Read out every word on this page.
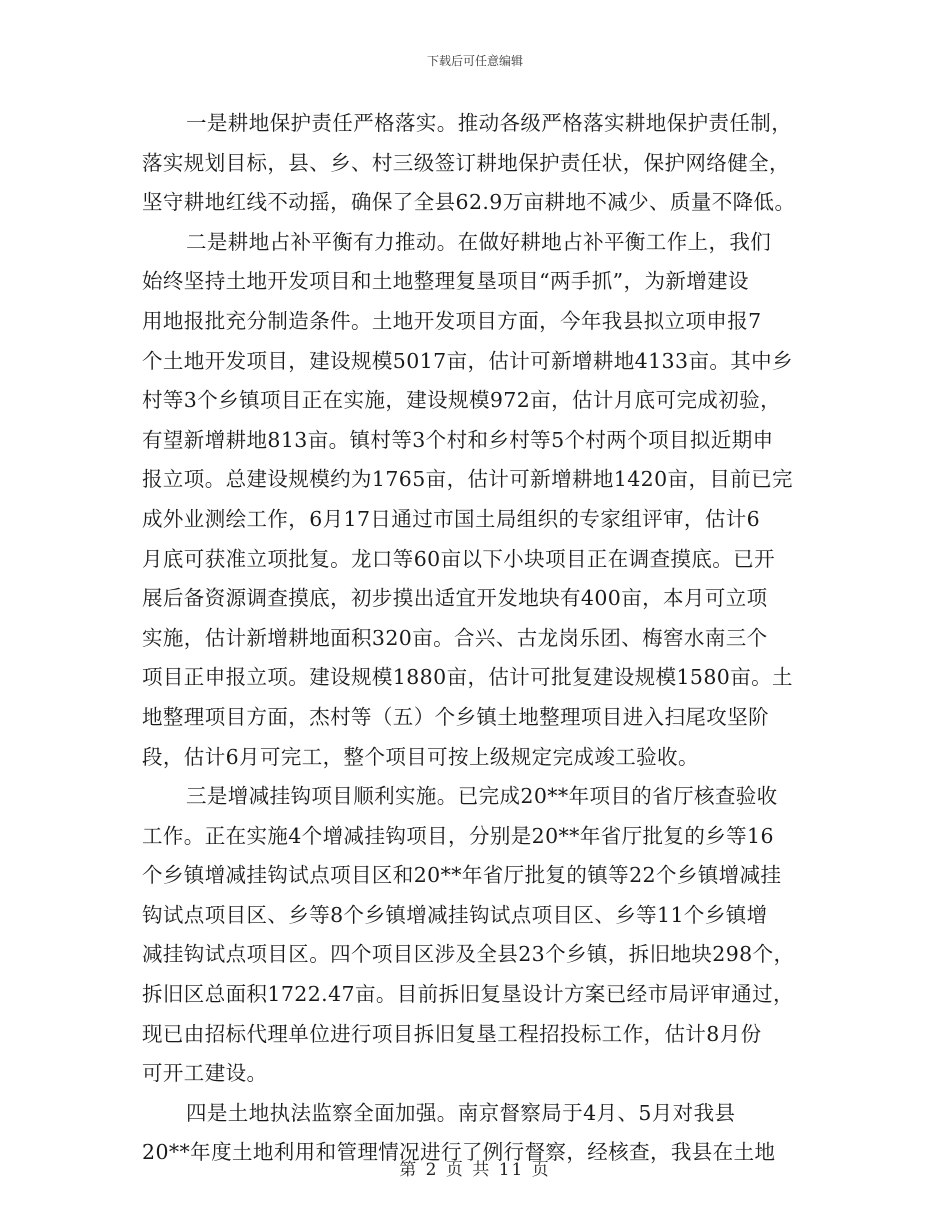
下载后可任意编辑
一是耕地保护责任严格落实。推动各级严格落实耕地保护责任制，
落实规划目标，县、乡、村三级签订耕地保护责任状，保护网络健全，
坚守耕地红线不动摇，确保了全县62.9万亩耕地不减少、质量不降低。
二是耕地占补平衡有力推动。在做好耕地占补平衡工作上，我们
始终坚持土地开发项目和土地整理复垦项目“两手抓”，为新增建设
用地报批充分制造条件。土地开发项目方面，今年我县拟立项申报7
个土地开发项目，建设规模5017亩，估计可新增耕地4133亩。其中乡
村等3个乡镇项目正在实施，建设规模972亩，估计月底可完成初验，
有望新增耕地813亩。镇村等3个村和乡村等5个村两个项目拟近期申
报立项。总建设规模约为1765亩，估计可新增耕地1420亩，目前已完
成外业测绘工作，6月17日通过市国土局组织的专家组评审，估计6
月底可获准立项批复。龙口等60亩以下小块项目正在调查摸底。已开
展后备资源调查摸底，初步摸出适宜开发地块有400亩，本月可立项
实施，估计新增耕地面积320亩。合兴、古龙岗乐团、梅窖水南三个
项目正申报立项。建设规模1880亩，估计可批复建设规模1580亩。土
地整理项目方面，杰村等（五）个乡镇土地整理项目进入扫尾攻坚阶
段，估计6月可完工，整个项目可按上级规定完成竣工验收。
三是增减挂钩项目顺利实施。已完成20**年项目的省厅核查验收
工作。正在实施4个增减挂钩项目，分别是20**年省厅批复的乡等16
个乡镇增减挂钩试点项目区和20**年省厅批复的镇等22个乡镇增减挂
钩试点项目区、乡等8个乡镇增减挂钩试点项目区、乡等11个乡镇增
减挂钩试点项目区。四个项目区涉及全县23个乡镇，拆旧地块298个，
拆旧区总面积1722.47亩。目前拆旧复垦设计方案已经市局评审通过，
现已由招标代理单位进行项目拆旧复垦工程招投标工作，估计8月份
可开工建设。
四是土地执法监察全面加强。南京督察局于4月、5月对我县
20**年度土地利用和管理情况进行了例行督察，经核查，我县在土地
第 2 页 共 11 页
